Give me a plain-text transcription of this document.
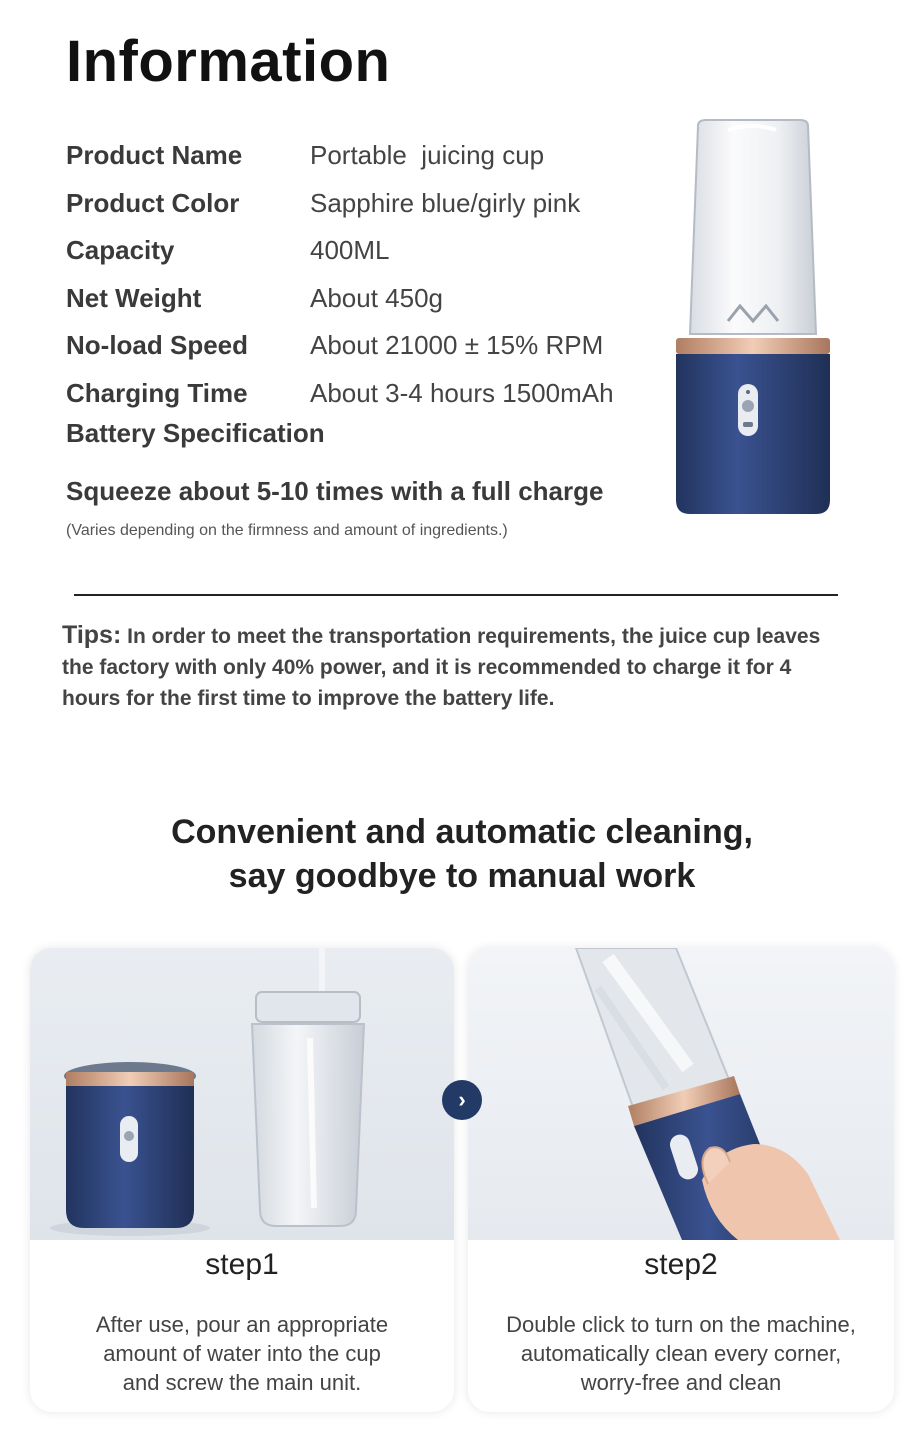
Information
Product Name	Portable  juicing cup
Product Color	Sapphire blue/girly pink
Capacity	400ML
Net Weight	About 450g
No-load Speed	About 21000 ± 15% RPM
Charging Time	About 3-4 hours 1500mAh
Battery Specification
Squeeze about 5-10 times with a full charge
(Varies depending on the firmness and amount of ingredients.)
Tips: In order to meet the transportation requirements, the juice cup leaves the factory with only 40% power, and it is recommended to charge it for 4 hours for the first time to improve the battery life.
Convenient and automatic cleaning,
say goodbye to manual work
step1
After use, pour an appropriate
amount of water into the cup
and screw the main unit.
›
step2
Double click to turn on the machine,
automatically clean every corner,
worry-free and clean
